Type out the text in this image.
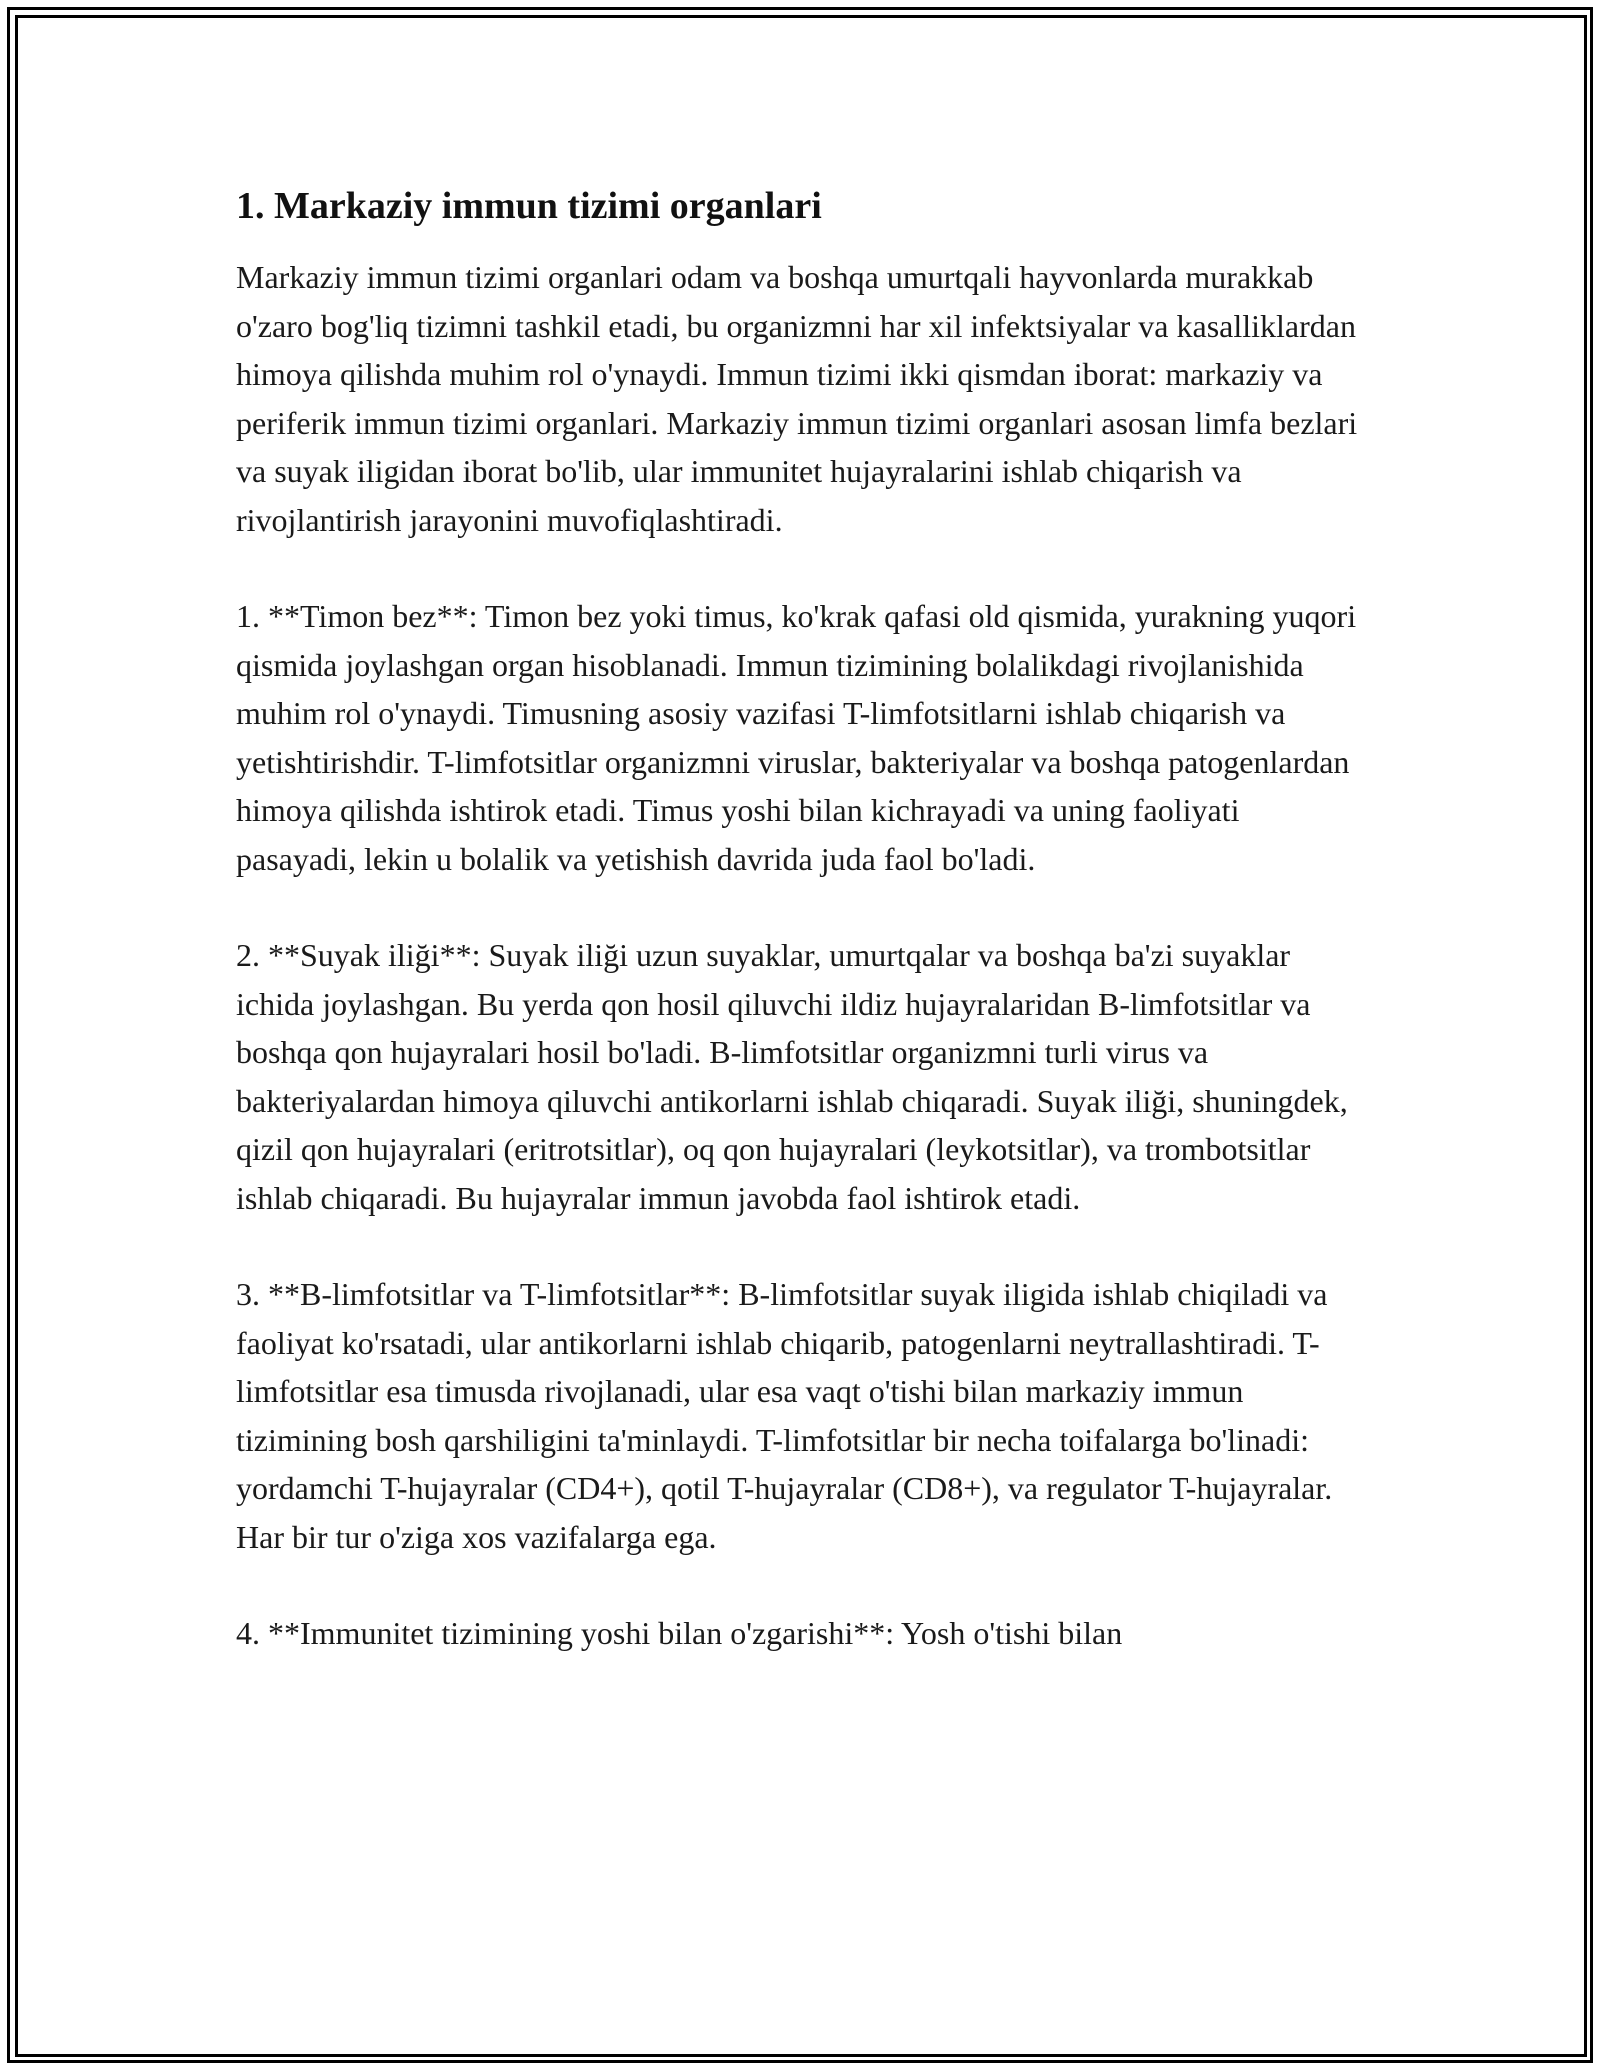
1. Markaziy immun tizimi organlari

Markaziy immun tizimi organlari odam va boshqa umurtqali hayvonlarda murakkab o'zaro bog'liq tizimni tashkil etadi, bu organizmni har xil infektsiyalar va kasalliklardan himoya qilishda muhim rol o'ynaydi. Immun tizimi ikki qismdan iborat: markaziy va periferik immun tizimi organlari. Markaziy immun tizimi organlari asosan limfa bezlari va suyak iligidan iborat bo'lib, ular immunitet hujayralarini ishlab chiqarish va rivojlantirish jarayonini muvofiqlashtiradi.

1. **Timon bez**: Timon bez yoki timus, ko'krak qafasi old qismida, yurakning yuqori qismida joylashgan organ hisoblanadi. Immun tizimining bolalikdagi rivojlanishida muhim rol o'ynaydi. Timusning asosiy vazifasi T-limfotsitlarni ishlab chiqarish va yetishtirishdir. T-limfotsitlar organizmni viruslar, bakteriyalar va boshqa patogenlardan himoya qilishda ishtirok etadi. Timus yoshi bilan kichrayadi va uning faoliyati pasayadi, lekin u bolalik va yetishish davrida juda faol bo'ladi.

2. **Suyak iliği**: Suyak iliği uzun suyaklar, umurtqalar va boshqa ba'zi suyaklar ichida joylashgan. Bu yerda qon hosil qiluvchi ildiz hujayralaridan B-limfotsitlar va boshqa qon hujayralari hosil bo'ladi. B-limfotsitlar organizmni turli virus va bakteriyalardan himoya qiluvchi antikorlarni ishlab chiqaradi. Suyak iliği, shuningdek, qizil qon hujayralari (eritrotsitlar), oq qon hujayralari (leykotsitlar), va trombotsitlar ishlab chiqaradi. Bu hujayralar immun javobda faol ishtirok etadi.

3. **B-limfotsitlar va T-limfotsitlar**: B-limfotsitlar suyak iligida ishlab chiqiladi va faoliyat ko'rsatadi, ular antikorlarni ishlab chiqarib, patogenlarni neytrallashtiradi. T-limfotsitlar esa timusda rivojlanadi, ular esa vaqt o'tishi bilan markaziy immun tizimining bosh qarshiligini ta'minlaydi. T-limfotsitlar bir necha toifalarga bo'linadi: yordamchi T-hujayralar (CD4+), qotil T-hujayralar (CD8+), va regulator T-hujayralar. Har bir tur o'ziga xos vazifalarga ega.

4. **Immunitet tizimining yoshi bilan o'zgarishi**: Yosh o'tishi bilan
